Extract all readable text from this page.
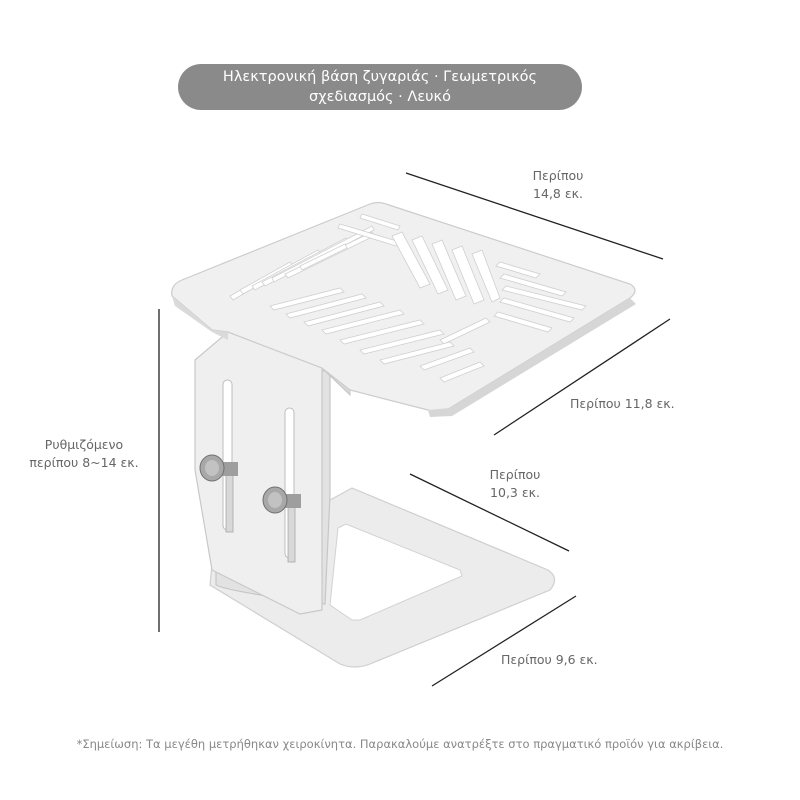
Ηλεκτρονική βάση ζυγαριάς · Γεωμετρικός
σχεδιασμός · Λευκό
Περίπου
14,8 εκ.
Περίπου 11,8 εκ.
Περίπου
10,3 εκ.
Περίπου 9,6 εκ.
Ρυθμιζόμενο
περίπου 8~14 εκ.
*Σημείωση: Τα μεγέθη μετρήθηκαν χειροκίνητα. Παρακαλούμε ανατρέξτε στο πραγματικό προϊόν για ακρίβεια.
